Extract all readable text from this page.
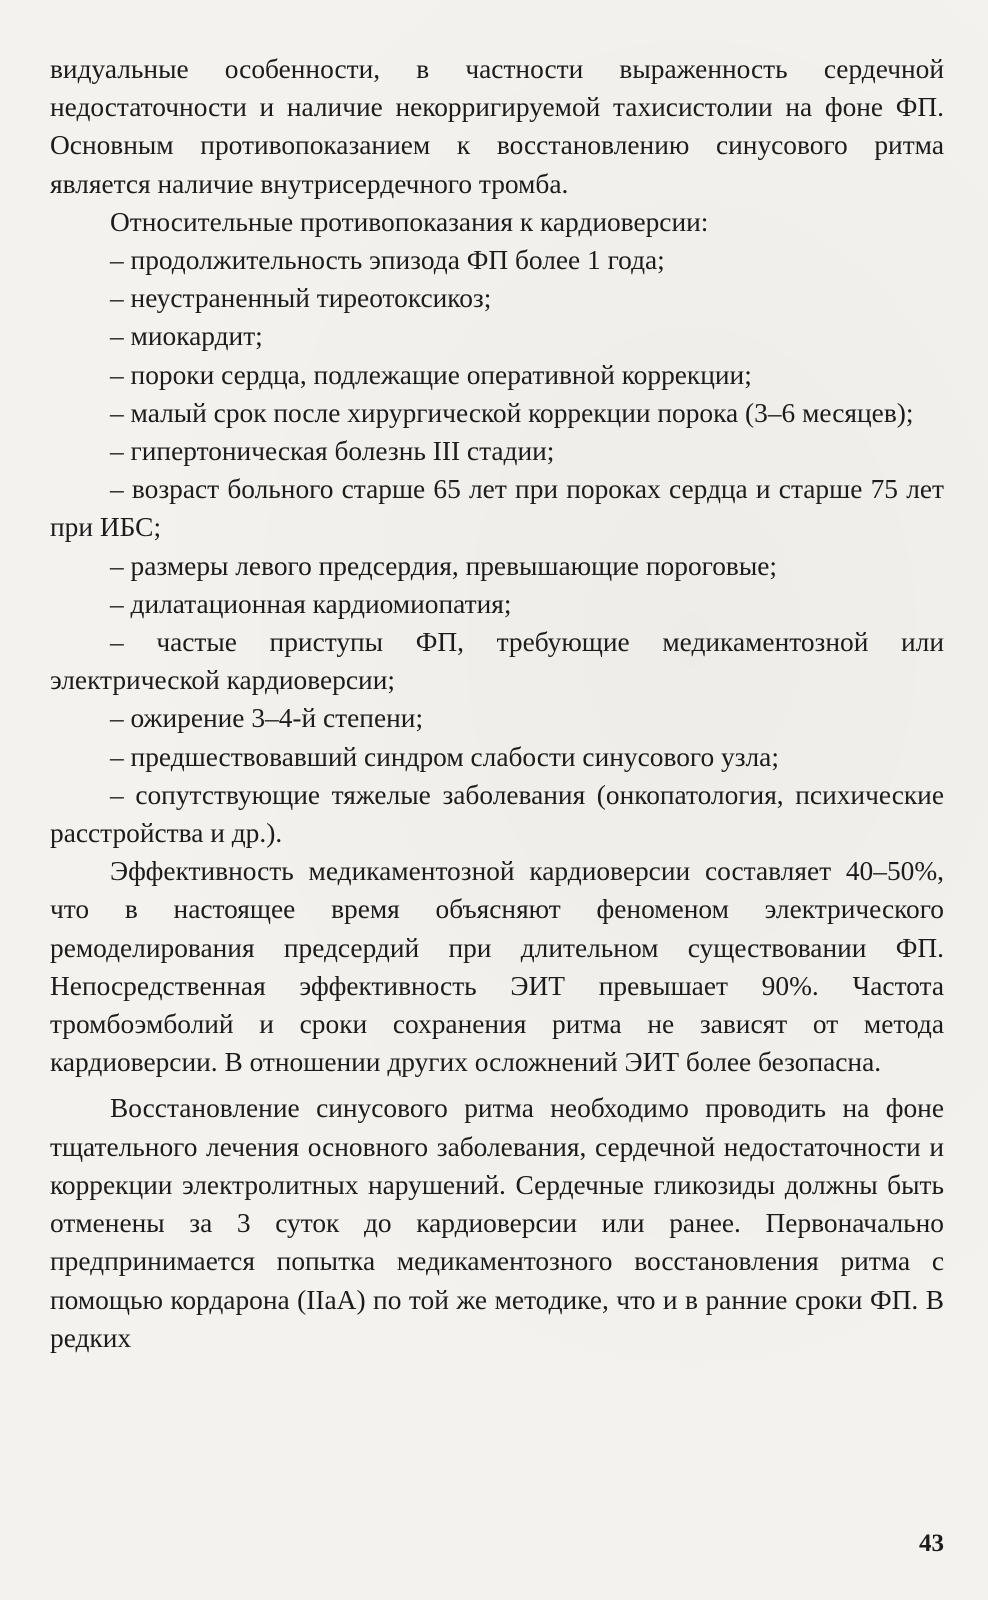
видуальные особенности, в частности выраженность сердечной недостаточности и наличие некорригируемой тахисистолии на фоне ФП. Основным противопоказанием к восстановлению синусового ритма является наличие внутрисердечного тромба.

Относительные противопоказания к кардиоверсии:

– продолжительность эпизода ФП более 1 года;

– неустраненный тиреотоксикоз;

– миокардит;

– пороки сердца, подлежащие оперативной коррекции;

– малый срок после хирургической коррекции порока (3–6 месяцев);

– гипертоническая болезнь III стадии;

– возраст больного старше 65 лет при пороках сердца и старше 75 лет при ИБС;

– размеры левого предсердия, превышающие пороговые;

– дилатационная кардиомиопатия;

– частые приступы ФП, требующие медикаментозной или электрической кардиоверсии;

– ожирение 3–4-й степени;

– предшествовавший синдром слабости синусового узла;

– сопутствующие тяжелые заболевания (онкопатология, психические расстройства и др.).

Эффективность медикаментозной кардиоверсии составляет 40–50%, что в настоящее время объясняют феноменом электрического ремоделирования предсердий при длительном существовании ФП. Непосредственная эффективность ЭИТ превышает 90%. Частота тромбоэмболий и сроки сохранения ритма не зависят от метода кардиоверсии. В отношении других осложнений ЭИТ более безопасна.

Восстановление синусового ритма необходимо проводить на фоне тщательного лечения основного заболевания, сердечной недостаточности и коррекции электролитных нарушений. Сердечные гликозиды должны быть отменены за 3 суток до кардиоверсии или ранее. Первоначально предпринимается попытка медикаментозного восстановления ритма с помощью кордарона (IIaA) по той же методике, что и в ранние сроки ФП. В редких

43
